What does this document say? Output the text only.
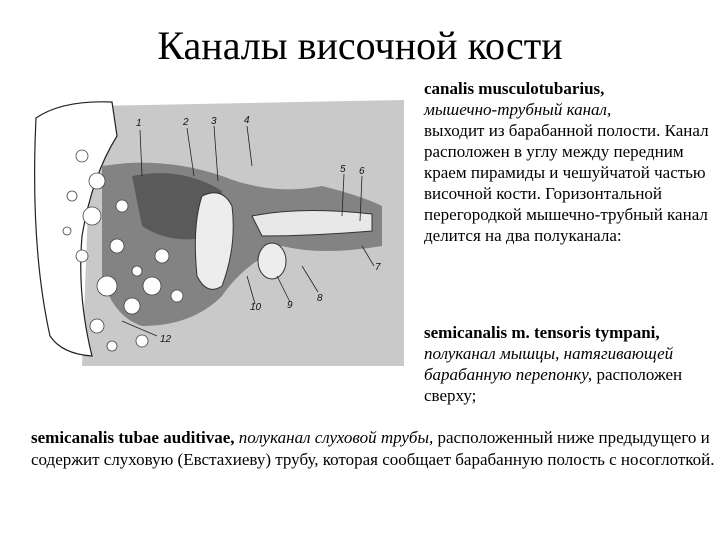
Каналы височной кости
1	2 3	4
5 6
7
8
9
10
12
canalis musculotubarius,
мышечно-трубный канал,
выходит из барабанной полости. Канал расположен в углу между передним краем пирамиды и чешуйчатой частью височной кости. Горизонтальной перегородкой мышечно-трубный канал делится на два полуканала:
semicanalis m. tensoris tympani, полуканал мышцы, натягивающей барабанную перепонку, расположен сверху;
semicanalis tubae auditivae, полуканал слуховой трубы, расположенный ниже предыдущего и содержит слуховую (Евстахиеву) трубу, которая сообщает барабанную полость с носоглоткой.
